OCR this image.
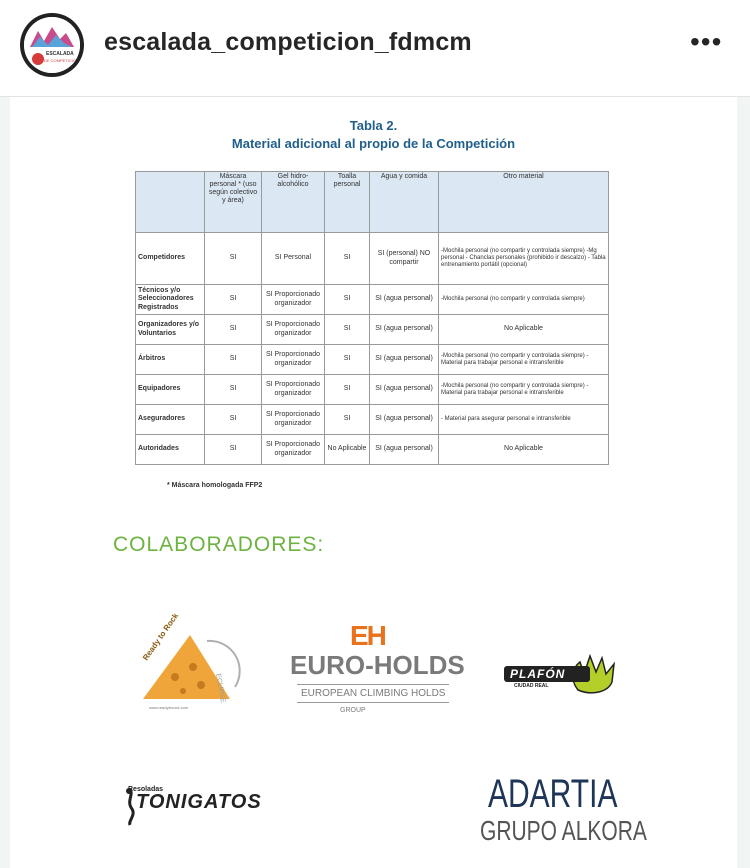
ESCALADA
DE COMPETICIÓN
escalada_competicion_fdmcm	•••
Tabla 2.
Material adicional al propio de la Competición
	Máscara personal * (uso según colectivo y área)	Gel hidro-alcohólico	Toalla personal	Agua y comida	Otro material
Competidores	SI	SI Personal	SI	SI (personal) NO compartir	-Mochila personal (no compartir y controlada siempre) -Mg personal - Chanclas personales (prohibido ir descalzo) - Tabla entrenamiento portátil (opcional)
Técnicos y/o Seleccionadores Registrados	SI	SI Proporcionado organizador	SI	SI (agua personal)	-Mochila personal (no compartir y controlada siempre)
Organizadores y/o Voluntarios	SI	SI Proporcionado organizador	SI	SI (agua personal)	No Aplicable
Árbitros	SI	SI Proporcionado organizador	SI	SI (agua personal)	-Mochila personal (no compartir y controlada siempre) - Material para trabajar personal e intransferible
Equipadores	SI	SI Proporcionado organizador	SI	SI (agua personal)	-Mochila personal (no compartir y controlada siempre) - Material para trabajar personal e intransferible
Aseguradores	SI	SI Proporcionado organizador	SI	SI (agua personal)	- Material para asegurar personal e intransferible
Autoridades	SI	SI Proporcionado organizador	No Aplicable	SI (agua personal)	No Aplicable
* Máscara homologada FFP2
COLABORADORES:
Ready to Rock
ECLIPSE
www.readytorock.com
EH
EURO-HOLDS
EUROPEAN CLIMBING HOLDS
GROUP
PLAFÓN
CIUDAD REAL
Resoladas
TONIGATOS	ADARTIA
GRUPO ALKORA
